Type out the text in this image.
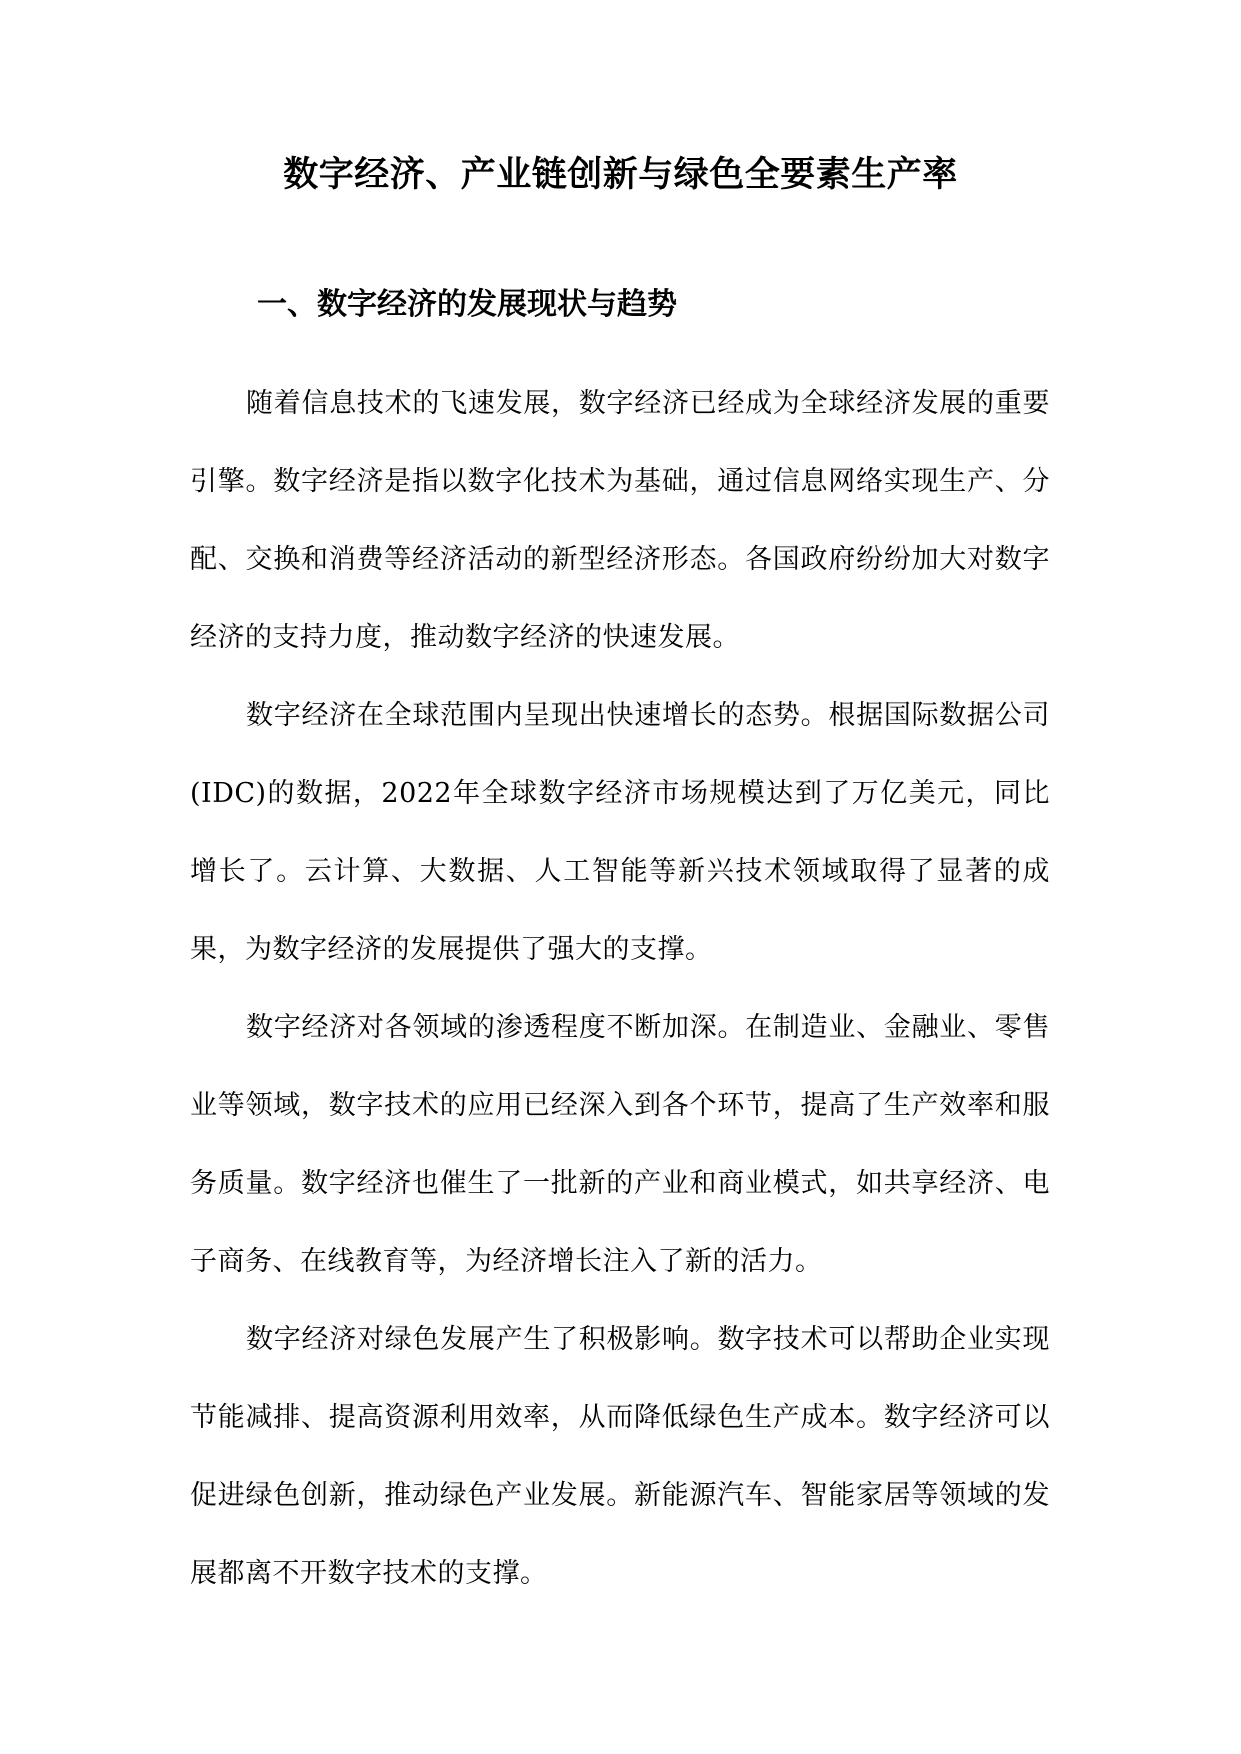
数字经济、产业链创新与绿色全要素生产率
一、数字经济的发展现状与趋势

随着信息技术的飞速发展，数字经济已经成为全球经济发展的重要引擎。数字经济是指以数字化技术为基础，通过信息网络实现生产、分配、交换和消费等经济活动的新型经济形态。各国政府纷纷加大对数字经济的支持力度，推动数字经济的快速发展。

数字经济在全球范围内呈现出快速增长的态势。根据国际数据公司(IDC)的数据，2022年全球数字经济市场规模达到了万亿美元，同比增长了。云计算、大数据、人工智能等新兴技术领域取得了显著的成果，为数字经济的发展提供了强大的支撑。

数字经济对各领域的渗透程度不断加深。在制造业、金融业、零售业等领域，数字技术的应用已经深入到各个环节，提高了生产效率和服务质量。数字经济也催生了一批新的产业和商业模式，如共享经济、电子商务、在线教育等，为经济增长注入了新的活力。

数字经济对绿色发展产生了积极影响。数字技术可以帮助企业实现节能减排、提高资源利用效率，从而降低绿色生产成本。数字经济可以促进绿色创新，推动绿色产业发展。新能源汽车、智能家居等领域的发展都离不开数字技术的支撑。
